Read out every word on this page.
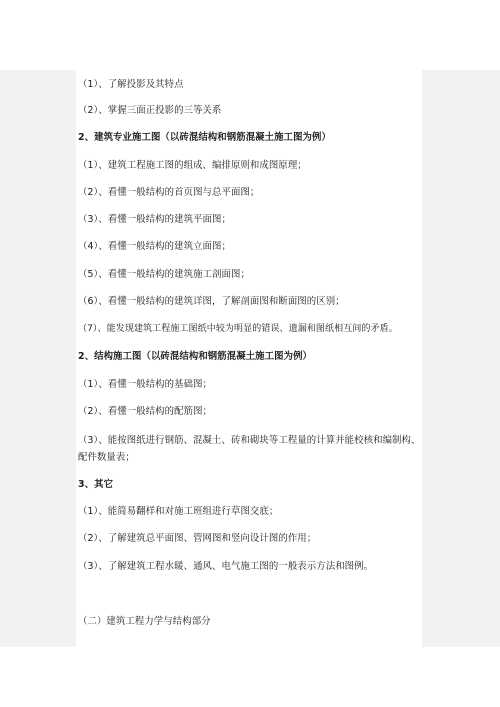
（1）、了解投影及其特点
（2）、掌握三面正投影的三等关系
2、建筑专业施工图（以砖混结构和钢筋混凝土施工图为例）
（1）、建筑工程施工图的组成、编排原则和成图原理；
（2）、看懂一般结构的首页图与总平面图；
（3）、看懂一般结构的建筑平面图；
（4）、看懂一般结构的建筑立面图；
（5）、看懂一般结构的建筑施工剖面图；
（6）、看懂一般结构的建筑详图，了解剖面图和断面图的区别；
（7）、能发现建筑工程施工图纸中较为明显的错误、遗漏和图纸相互间的矛盾。
2、结构施工图（以砖混结构和钢筋混凝土施工图为例）
（1）、看懂一般结构的基础图；
（2）、看懂一般结构的配筋图；
（3）、能按图纸进行钢筋、混凝土、砖和砌块等工程量的计算并能校核和编制构、配件数量表；
3、其它
（1）、能简易翻样和对施工班组进行草图交底；
（2）、了解建筑总平面图、管网图和竖向设计图的作用；
（3）、了解建筑工程水暖、通风、电气施工图的一般表示方法和图例。
（二）建筑工程力学与结构部分
